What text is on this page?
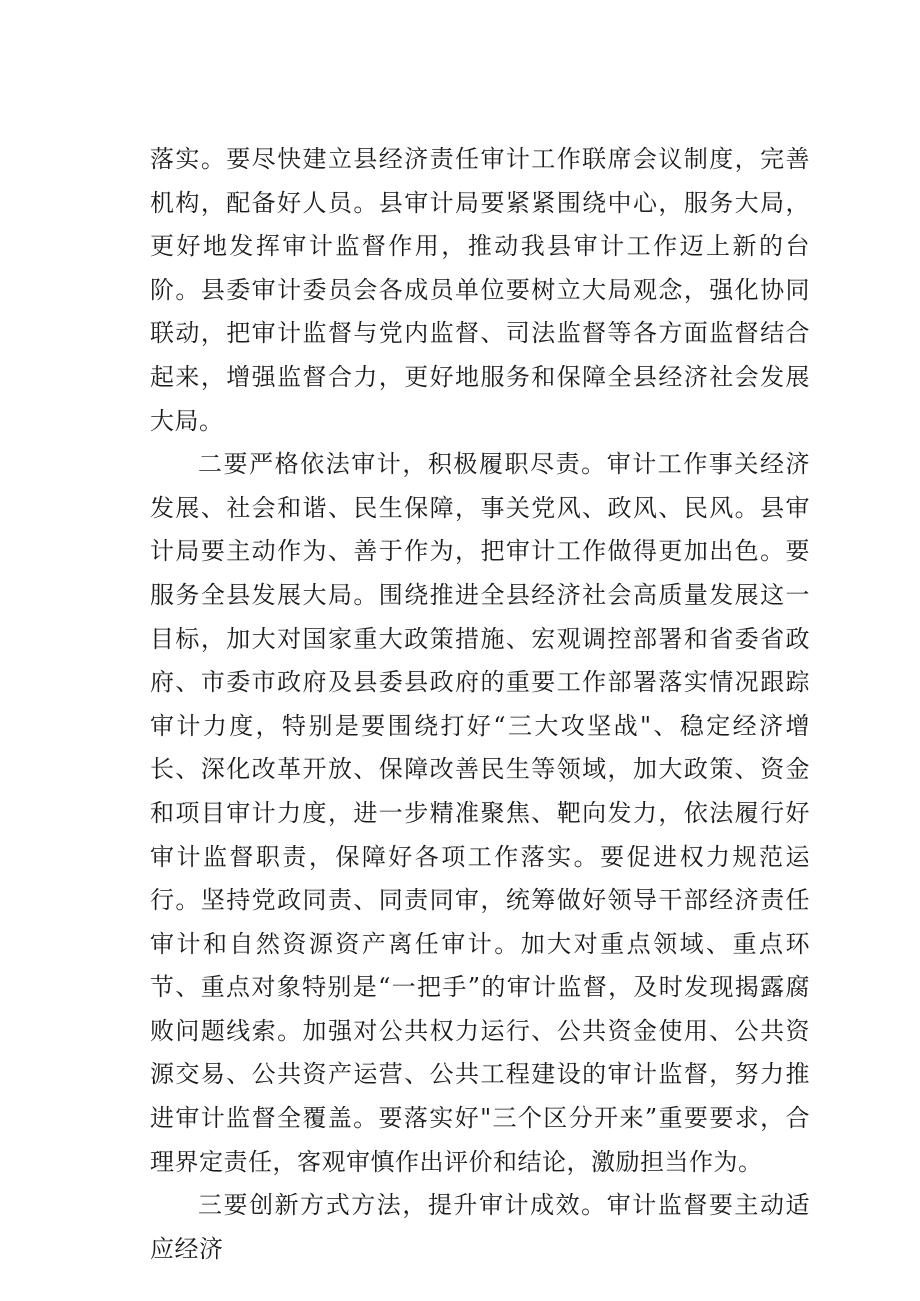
落实。要尽快建立县经济责任审计工作联席会议制度，完善机构，配备好人员。县审计局要紧紧围绕中心，服务大局，更好地发挥审计监督作用，推动我县审计工作迈上新的台阶。县委审计委员会各成员单位要树立大局观念，强化协同联动，把审计监督与党内监督、司法监督等各方面监督结合起来，增强监督合力，更好地服务和保障全县经济社会发展大局。

二要严格依法审计，积极履职尽责。审计工作事关经济发展、社会和谐、民生保障，事关党风、政风、民风。县审计局要主动作为、善于作为，把审计工作做得更加出色。要服务全县发展大局。围绕推进全县经济社会高质量发展这一目标，加大对国家重大政策措施、宏观调控部署和省委省政府、市委市政府及县委县政府的重要工作部署落实情况跟踪审计力度，特别是要围绕打好“三大攻坚战"、稳定经济增长、深化改革开放、保障改善民生等领域，加大政策、资金和项目审计力度，进一步精准聚焦、靶向发力，依法履行好审计监督职责，保障好各项工作落实。要促进权力规范运行。坚持党政同责、同责同审，统筹做好领导干部经济责任审计和自然资源资产离任审计。加大对重点领域、重点环节、重点对象特别是“一把手”的审计监督，及时发现揭露腐败问题线索。加强对公共权力运行、公共资金使用、公共资源交易、公共资产运营、公共工程建设的审计监督，努力推进审计监督全覆盖。要落实好"三个区分开来”重要要求，合理界定责任，客观审慎作出评价和结论，激励担当作为。

三要创新方式方法，提升审计成效。审计监督要主动适应经济
